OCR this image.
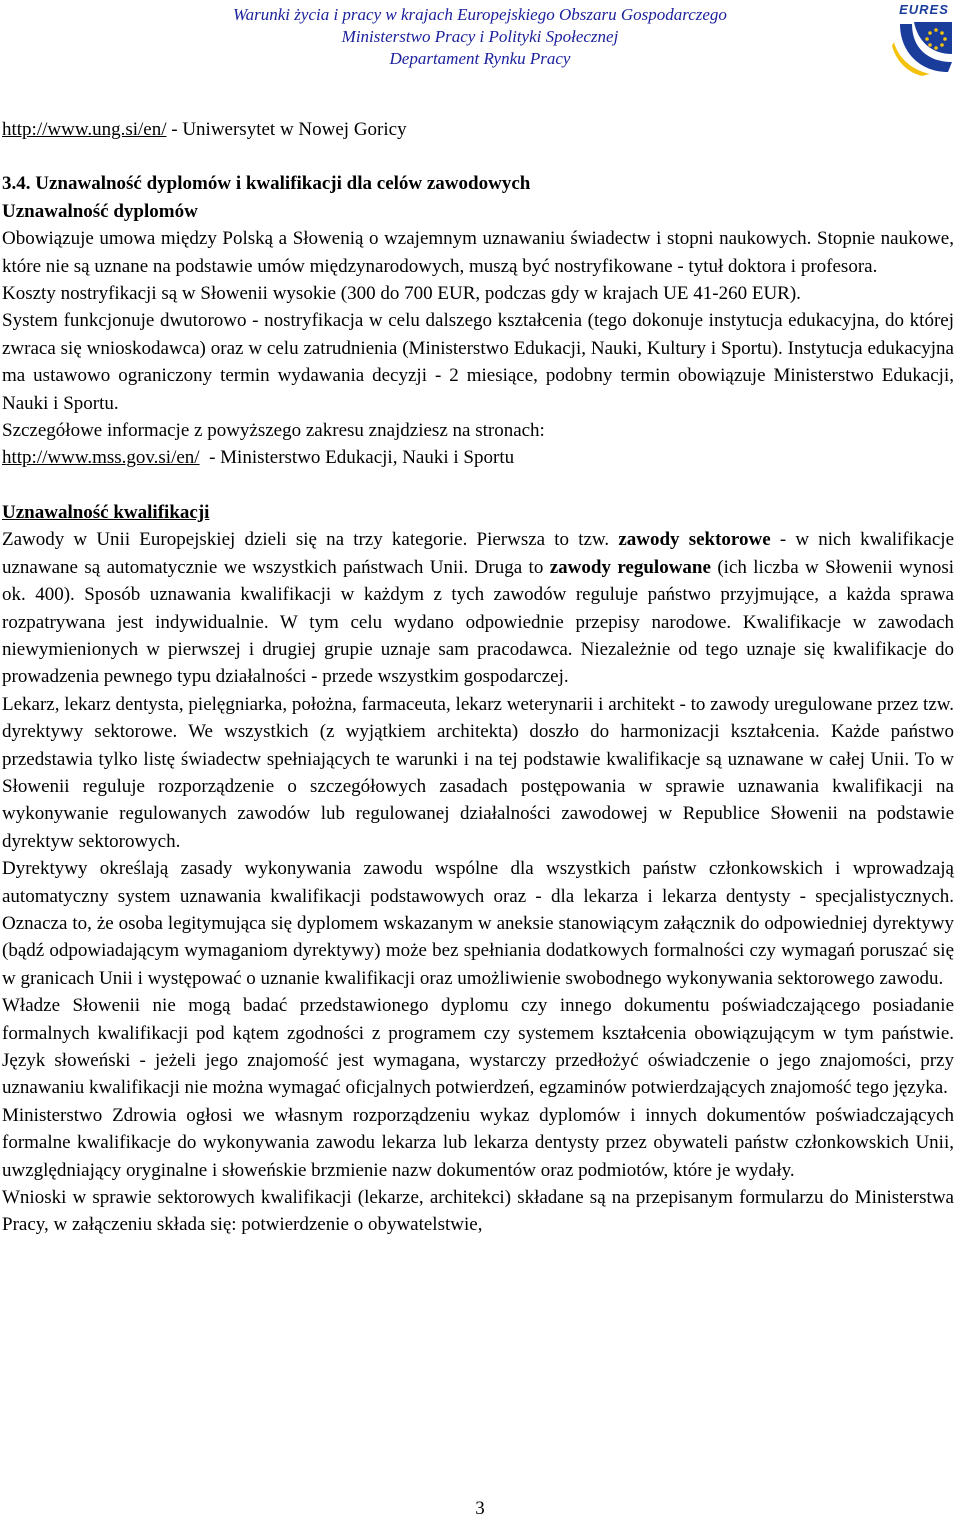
Warunki życia i pracy w krajach Europejskiego Obszaru Gospodarczego
Ministerstwo Pracy i Polityki Społecznej
Departament Rynku Pracy
EURES

http://www.ung.si/en/ - Uniwersytet w Nowej Goricy

3.4. Uznawalność dyplomów i kwalifikacji dla celów zawodowych

Uznawalność dyplomów

Obowiązuje umowa między Polską a Słowenią o wzajemnym uznawaniu świadectw i stopni naukowych. Stopnie naukowe, które nie są uznane na podstawie umów międzynarodowych, muszą być nostryfikowane - tytuł doktora i profesora.

Koszty nostryfikacji są w Słowenii wysokie (300 do 700 EUR, podczas gdy w krajach UE 41-260 EUR).

System funkcjonuje dwutorowo - nostryfikacja w celu dalszego kształcenia (tego dokonuje instytucja edukacyjna, do której zwraca się wnioskodawca) oraz w celu zatrudnienia (Ministerstwo Edukacji, Nauki, Kultury i Sportu). Instytucja edukacyjna ma ustawowo ograniczony termin wydawania decyzji - 2 miesiące, podobny termin obowiązuje Ministerstwo Edukacji, Nauki i Sportu.

Szczegółowe informacje z powyższego zakresu znajdziesz na stronach:

http://www.mss.gov.si/en/  - Ministerstwo Edukacji, Nauki i Sportu

Uznawalność kwalifikacji

Zawody w Unii Europejskiej dzieli się na trzy kategorie. Pierwsza to tzw. zawody sektorowe - w nich kwalifikacje uznawane są automatycznie we wszystkich państwach Unii. Druga to zawody regulowane (ich liczba w Słowenii wynosi ok. 400). Sposób uznawania kwalifikacji w każdym z tych zawodów reguluje państwo przyjmujące, a każda sprawa rozpatrywana jest indywidualnie. W tym celu wydano odpowiednie przepisy narodowe. Kwalifikacje w zawodach niewymienionych w pierwszej i drugiej grupie uznaje sam pracodawca. Niezależnie od tego uznaje się kwalifikacje do prowadzenia pewnego typu działalności - przede wszystkim gospodarczej.

Lekarz, lekarz dentysta, pielęgniarka, położna, farmaceuta, lekarz weterynarii i architekt - to zawody uregulowane przez tzw. dyrektywy sektorowe. We wszystkich (z wyjątkiem architekta) doszło do harmonizacji kształcenia. Każde państwo przedstawia tylko listę świadectw spełniających te warunki i na tej podstawie kwalifikacje są uznawane w całej Unii. To w Słowenii reguluje rozporządzenie o szczegółowych zasadach postępowania w sprawie uznawania kwalifikacji na wykonywanie regulowanych zawodów lub regulowanej działalności zawodowej w Republice Słowenii na podstawie dyrektyw sektorowych.

Dyrektywy określają zasady wykonywania zawodu wspólne dla wszystkich państw członkowskich i wprowadzają automatyczny system uznawania kwalifikacji podstawowych oraz - dla lekarza i lekarza dentysty - specjalistycznych. Oznacza to, że osoba legitymująca się dyplomem wskazanym w aneksie stanowiącym załącznik do odpowiedniej dyrektywy (bądź odpowiadającym wymaganiom dyrektywy) może bez spełniania dodatkowych formalności czy wymagań poruszać się w granicach Unii i występować o uznanie kwalifikacji oraz umożliwienie swobodnego wykonywania sektorowego zawodu.

Władze Słowenii nie mogą badać przedstawionego dyplomu czy innego dokumentu poświadczającego posiadanie formalnych kwalifikacji pod kątem zgodności z programem czy systemem kształcenia obowiązującym w tym państwie. Język słoweński - jeżeli jego znajomość jest wymagana, wystarczy przedłożyć oświadczenie o jego znajomości, przy uznawaniu kwalifikacji nie można wymagać oficjalnych potwierdzeń, egzaminów potwierdzających znajomość tego języka.

Ministerstwo Zdrowia ogłosi we własnym rozporządzeniu wykaz dyplomów i innych dokumentów poświadczających formalne kwalifikacje do wykonywania zawodu lekarza lub lekarza dentysty przez obywateli państw członkowskich Unii, uwzględniający oryginalne i słoweńskie brzmienie nazw dokumentów oraz podmiotów, które je wydały.

Wnioski w sprawie sektorowych kwalifikacji (lekarze, architekci) składane są na przepisanym formularzu do Ministerstwa Pracy, w załączeniu składa się: potwierdzenie o obywatelstwie,

3
